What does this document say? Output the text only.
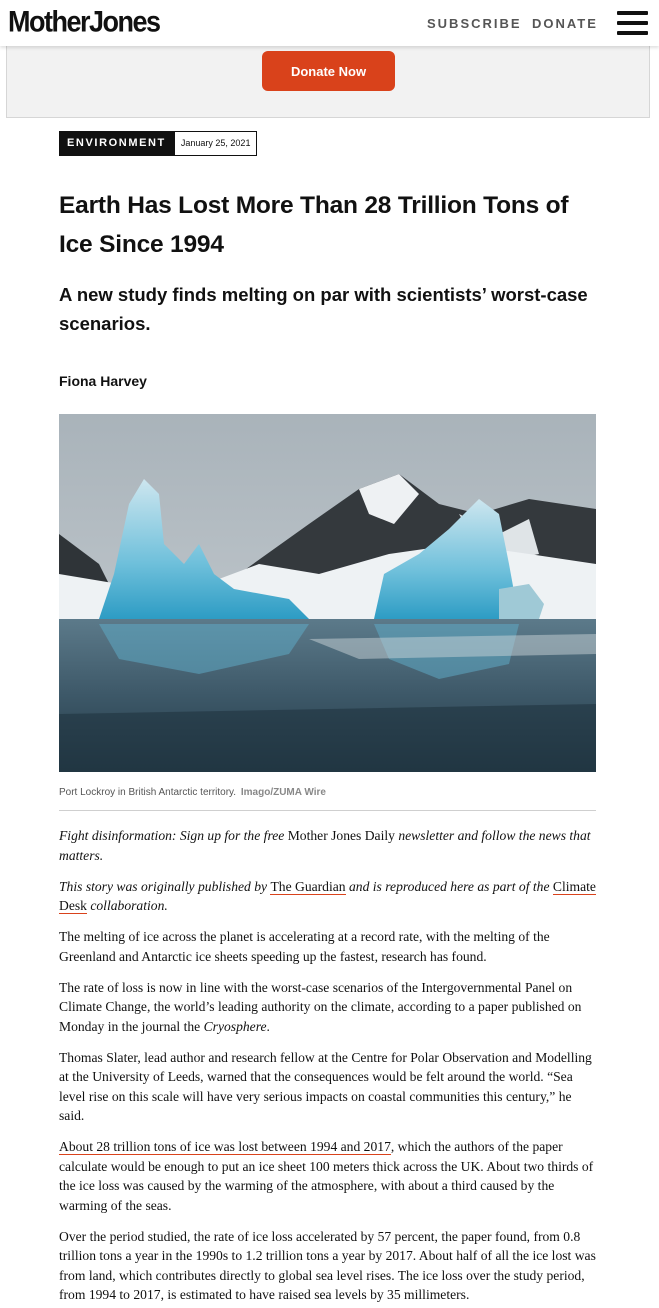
MotherJones	SUBSCRIBE DONATE
Donate Now
ENVIRONMENT	January 25, 2021
Earth Has Lost More Than 28 Trillion Tons of Ice Since 1994
A new study finds melting on par with scientists’ worst-case scenarios.
Fiona Harvey
Port Lockroy in British Antarctic territory. Imago/ZUMA Wire

Fight disinformation: Sign up for the free Mother Jones Daily newsletter and follow the news that matters.

This story was originally published by The Guardian and is reproduced here as part of the Climate Desk collaboration.

The melting of ice across the planet is accelerating at a record rate, with the melting of the Greenland and Antarctic ice sheets speeding up the fastest, research has found.

The rate of loss is now in line with the worst-case scenarios of the Intergovernmental Panel on Climate Change, the world’s leading authority on the climate, according to a paper published on Monday in the journal the Cryosphere.

Thomas Slater, lead author and research fellow at the Centre for Polar Observation and Modelling at the University of Leeds, warned that the consequences would be felt around the world. “Sea level rise on this scale will have very serious impacts on coastal communities this century,” he said.

About 28 trillion tons of ice was lost between 1994 and 2017, which the authors of the paper calculate would be enough to put an ice sheet 100 meters thick across the UK. About two thirds of the ice loss was caused by the warming of the atmosphere, with about a third caused by the warming of the seas.

Over the period studied, the rate of ice loss accelerated by 57 percent, the paper found, from 0.8 trillion tons a year in the 1990s to 1.2 trillion tons a year by 2017. About half of all the ice lost was from land, which contributes directly to global sea level rises. The ice loss over the study period, from 1994 to 2017, is estimated to have raised sea levels by 35 millimeters.
